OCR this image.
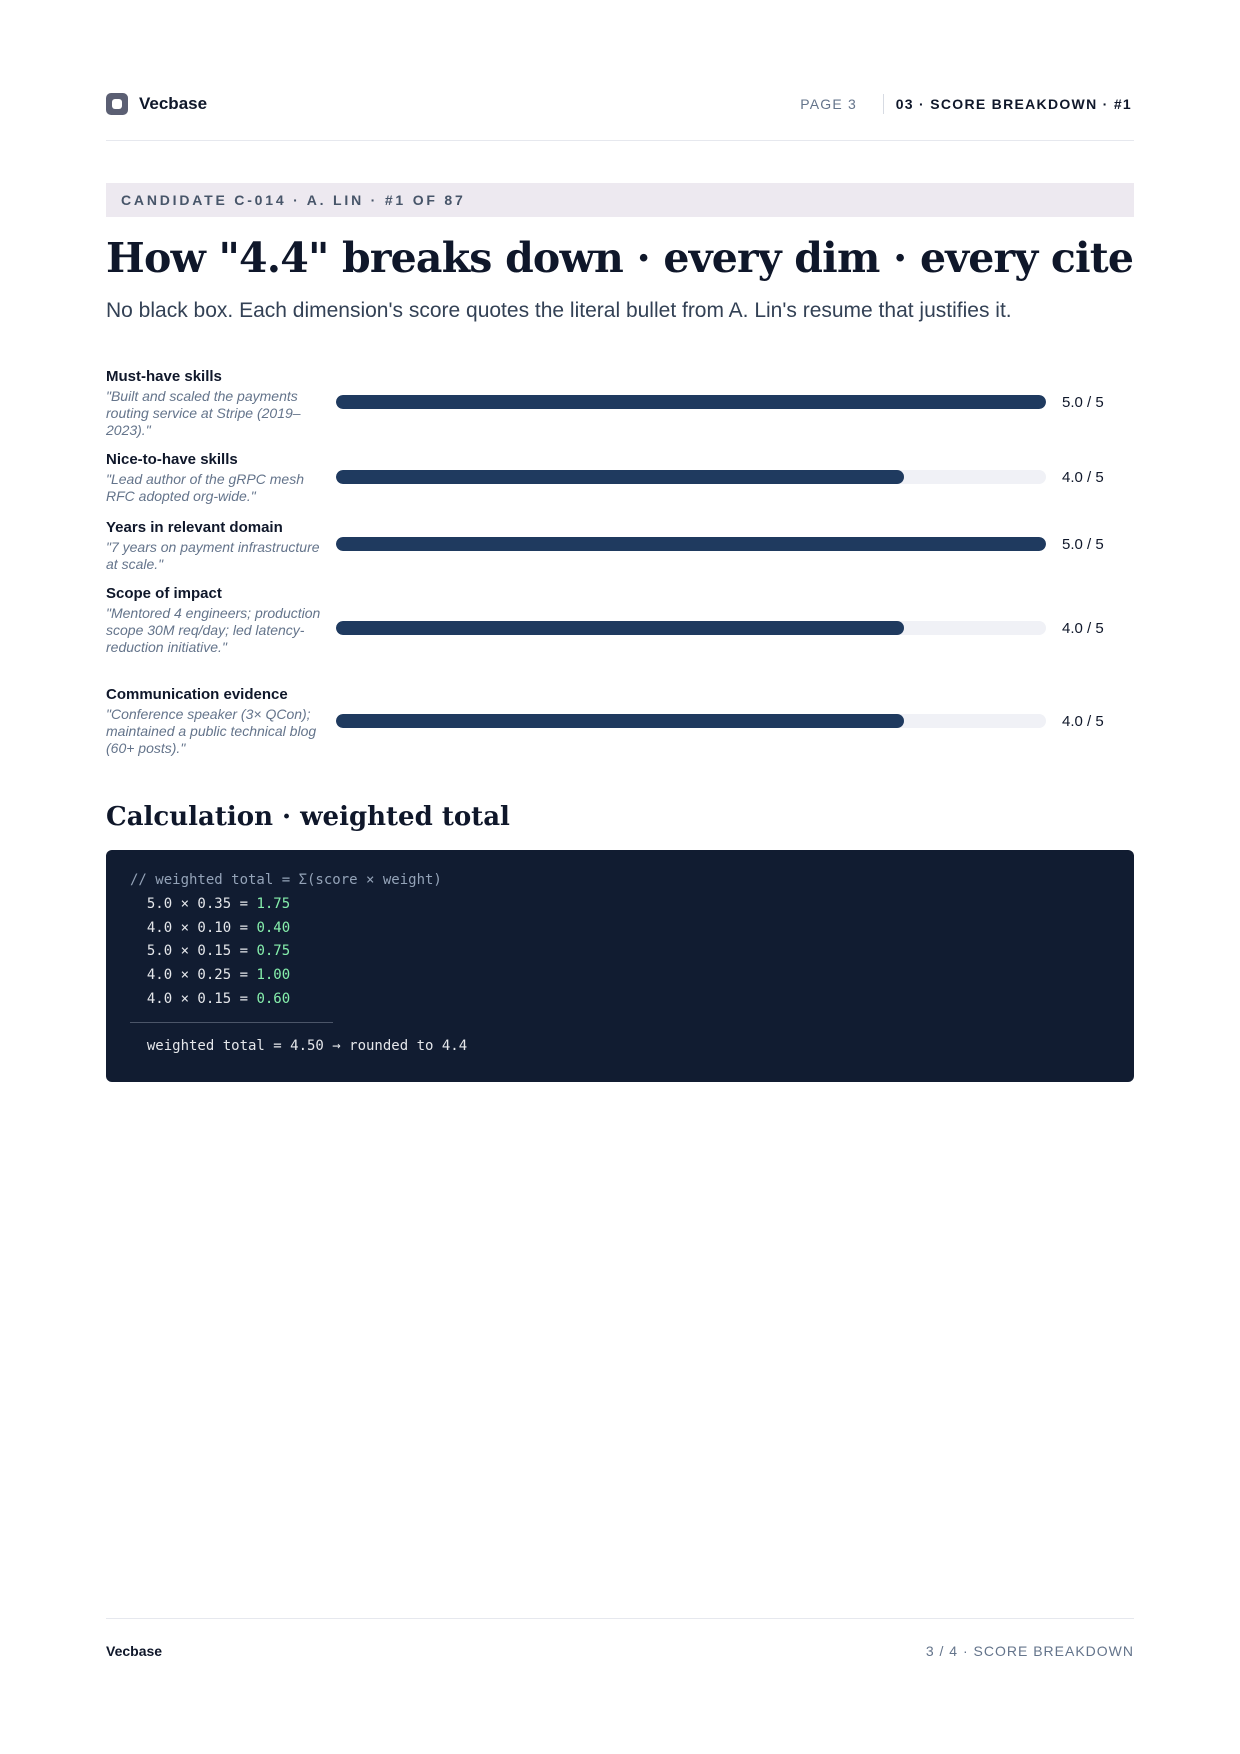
Vecbase	PAGE 3	03 · SCORE BREAKDOWN · #1
CANDIDATE C-014 · A. LIN · #1 OF 87
How "4.4" breaks down · every dim · every cite

No black box. Each dimension's score quotes the literal bullet from A. Lin's resume that justifies it.

Must-have skills
"Built and scaled the payments routing service at Stripe (2019–2023)."
5.0 / 5
Nice-to-have skills
"Lead author of the gRPC mesh RFC adopted org-wide."
4.0 / 5
Years in relevant domain
"7 years on payment infrastructure at scale."
5.0 / 5
Scope of impact
"Mentored 4 engineers; production scope 30M req/day; led latency-reduction initiative."
4.0 / 5
Communication evidence
"Conference speaker (3× QCon); maintained a public technical blog (60+ posts)."
4.0 / 5
Calculation · weighted total
// weighted total = Σ(score × weight)
5.0 × 0.35 = 1.75
4.0 × 0.10 = 0.40
5.0 × 0.15 = 0.75
4.0 × 0.25 = 1.00
4.0 × 0.15 = 0.60
weighted total = 4.50 → rounded to 4.4
Vecbase	3 / 4 · SCORE BREAKDOWN
